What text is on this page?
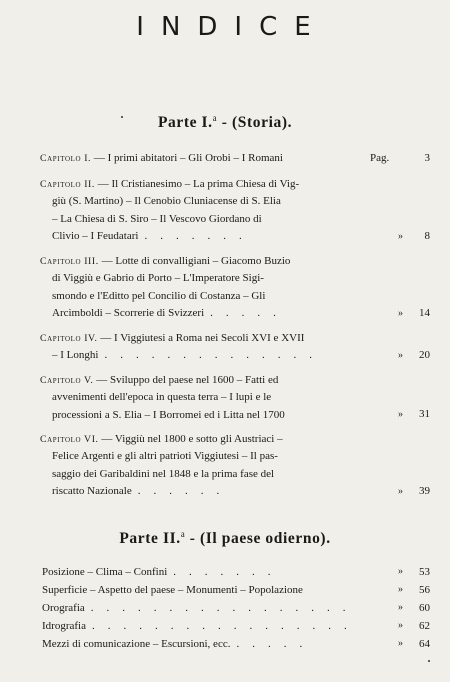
INDICE
Parte I.$^a$ - (Storia).
Capitolo I. — I primi abitatori – Gli Orobi – I Romani	Pag.	3
Capitolo II. — Il Cristianesimo – La prima Chiesa di Vig-
giù (S. Martino) – Il Cenobio Cluniacense di S. Elia
– La Chiesa di S. Siro – Il Vescovo Giordano di
Clivio – I Feudatari .......	» 8
Capitolo III. — Lotte di convalligiani – Giacomo Buzio
di Viggiù e Gabrio di Porto – L'Imperatore Sigi-
smondo e l'Editto pel Concilio di Costanza – Gli
Arcimboldi – Scorrerie di Svizzeri .....	» 14
Capitolo IV. — I Viggiutesi a Roma nei Secoli XVI e XVII
– I Longhi ..............	» 20
Capitolo V. — Sviluppo del paese nel 1600 – Fatti ed
avvenimenti dell'epoca in questa terra – I lupi e le
processioni a S. Elia – I Borromei ed i Litta nel 1700	» 31
Capitolo VI. — Viggiù nel 1800 e sotto gli Austriaci –
Felice Argenti e gli altri patrioti Viggiutesi – Il pas-
saggio dei Garibaldini nel 1848 e la prima fase del
riscatto Nazionale ......	» 39
Parte II.$^a$ - (Il paese odierno).
Posizione – Clima – Confini .......	» 53
Superficie – Aspetto del paese – Monumenti – Popolazione	» 56
Orografia .................	» 60
Idrografia .................	» 62
Mezzi di comunicazione – Escursioni, ecc. .....	» 64
